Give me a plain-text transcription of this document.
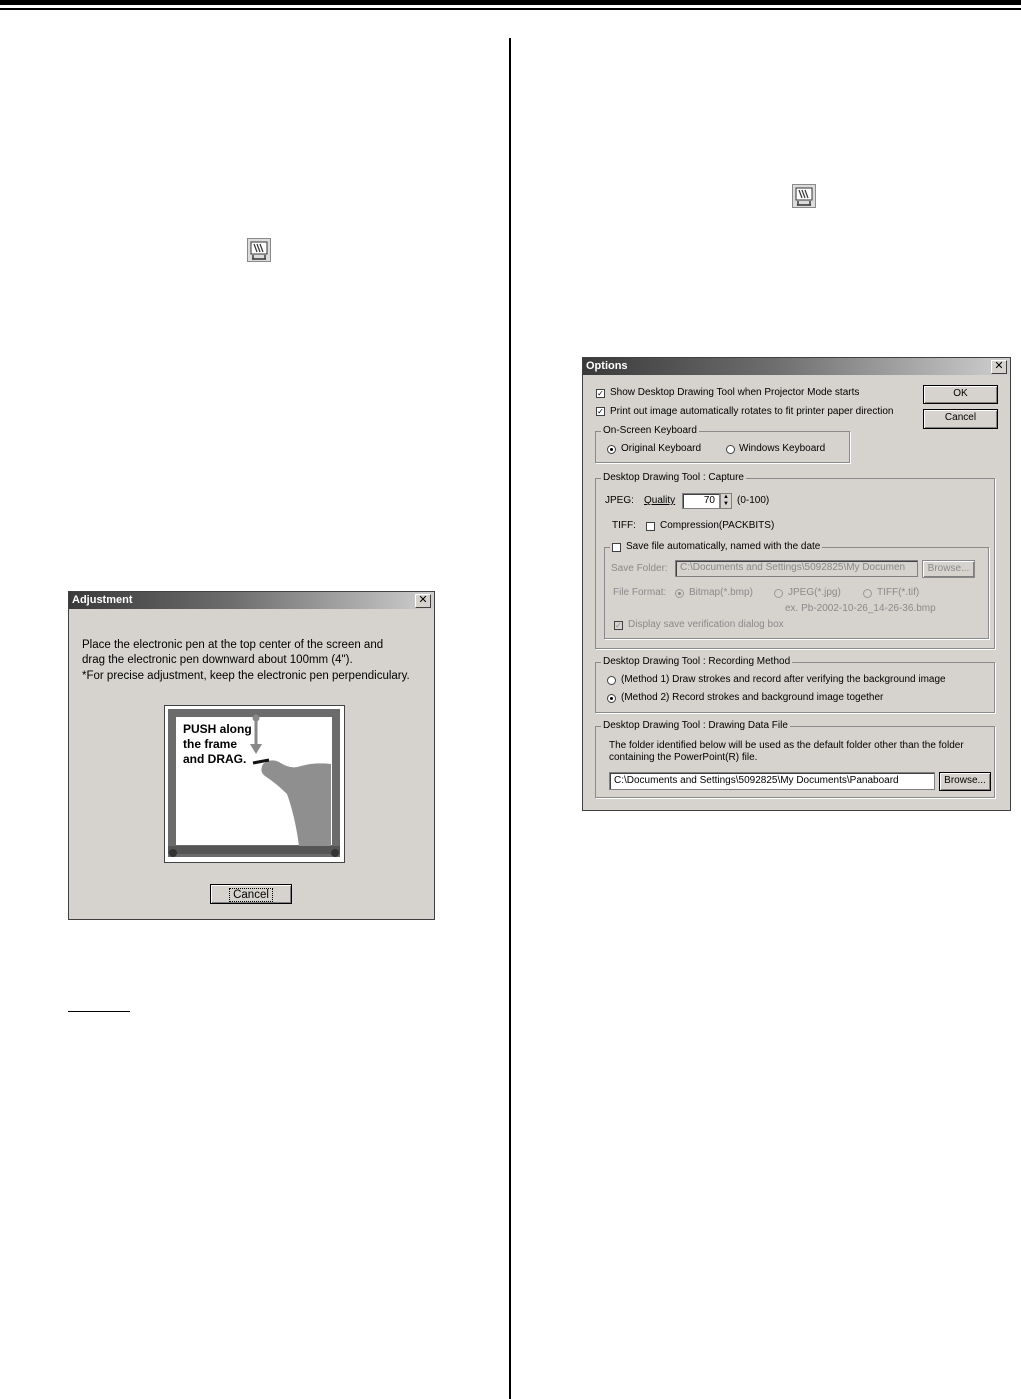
Adjustment	✕
Place the electronic pen at the top center of the screen and
drag the electronic pen downward about 100mm (4").
*For precise adjustment, keep the electronic pen perpendiculary.
PUSH along
the frame
and DRAG.
Cancel
Options	✕
OK
Cancel
✓ Show Desktop Drawing Tool when Projector Mode starts
✓ Print out image automatically rotates to fit printer paper direction
On-Screen Keyboard
Original Keyboard	Windows Keyboard
Desktop Drawing Tool : Capture
JPEG: Quality	70	▲
▼ (0-100)
TIFF: Compression(PACKBITS)
Save file automatically, named with the date
Save Folder:	C:\Documents and Settings\5092825\My Documen	Browse...
File Format: Bitmap(*.bmp)	JPEG(*.jpg)	TIFF(*.tif)
ex. Pb-2002-10-26_14-26-36.bmp
✓ Display save verification dialog box
Desktop Drawing Tool : Recording Method
(Method 1) Draw strokes and record after verifying the background image
(Method 2) Record strokes and background image together
Desktop Drawing Tool : Drawing Data File
The folder identified below will be used as the default folder other than the folder
containing the PowerPoint(R) file.
C:\Documents and Settings\5092825\My Documents\Panaboard	Browse...
